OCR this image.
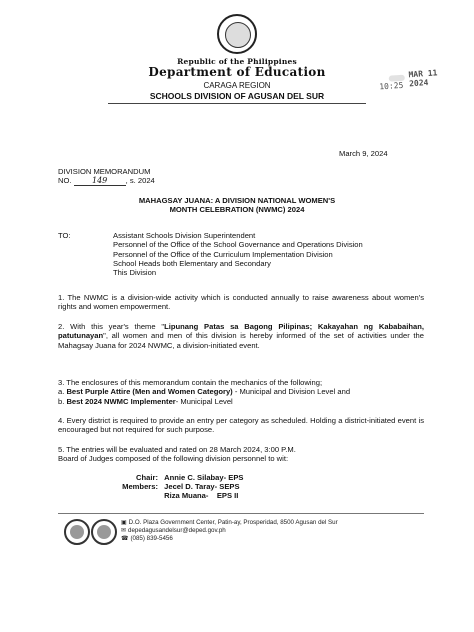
Republic of the Philippines
Department of Education
CARAGA REGION
SCHOOLS DIVISION OF AGUSAN DEL SUR
MAR 11 2024
10:25
March 9, 2024
DIVISION MEMORANDUM
NO.	149 , s. 2024
MAHAGSAY JUANA: A DIVISION NATIONAL WOMEN'S
MONTH CELEBRATION (NWMC) 2024
TO:	Assistant Schools Division Superintendent
Personnel of the Office of the School Governance and Operations Division
Personnel of the Office of the Curriculum Implementation Division
School Heads both Elementary and Secondary
This Division
1. The NWMC is a division-wide activity which is conducted annually to raise awareness about women's rights and women empowerment.
2. With this year's theme "Lipunang Patas sa Bagong Pilipinas; Kakayahan ng Kababaihan, patutunayan", all women and men of this division is hereby informed of the set of activities under the Mahagsay Juana for 2024 NWMC, a division-initiated event.
3. The enclosures of this memorandum contain the mechanics of the following;
a. Best Purple Attire (Men and Women Category) - Municipal and Division Level and
b. Best 2024 NWMC Implementer- Municipal Level
4. Every district is required to provide an entry per category as scheduled. Holding a district-initiated event is encouraged but not required for such purpose.
5. The entries will be evaluated and rated on 28 March 2024, 3:00 P.M.
Board of Judges composed of the following division personnel to wit:
Chair: Annie C. Silabay- EPS
Members: Jecel D. Taray- SEPS
Riza Muana-    EPS II
▣ D.O. Plaza Government Center, Patin-ay, Prosperidad, 8500 Agusan del Sur
✉ depedagusandelsur@deped.gov.ph
☎ (085) 839-5456
